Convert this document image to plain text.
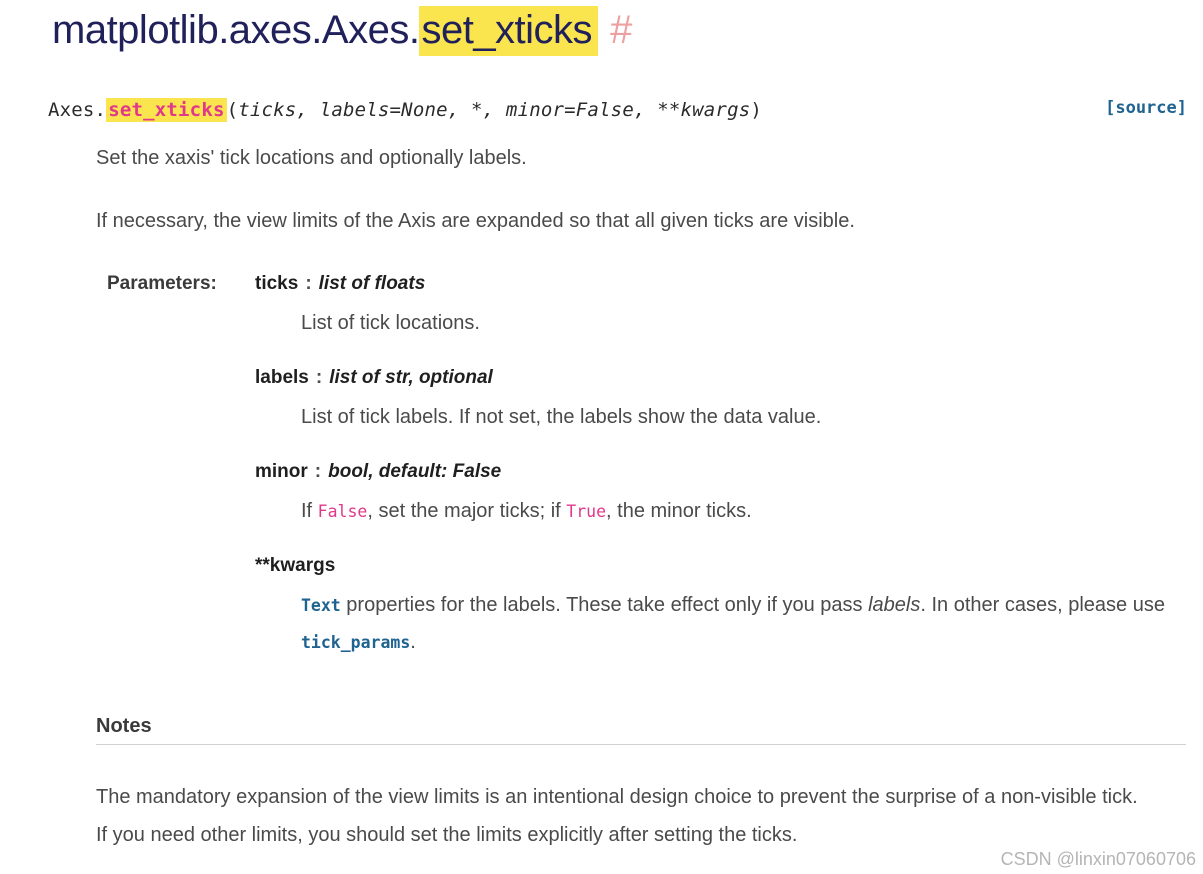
matplotlib.axes.Axes.set_xticks #
Axes. set_xticks (ticks, labels=None, *, minor=False, **kwargs)	[source]

Set the xaxis' tick locations and optionally labels.

If necessary, the view limits of the Axis are expanded so that all given ticks are visible.

Parameters:	ticks : list of floats
List of tick locations.
labels : list of str, optional
List of tick labels. If not set, the labels show the data value.
minor : bool, default: False
If False, set the major ticks; if True, the minor ticks.
**kwargs
Text properties for the labels. These take effect only if you pass labels. In other cases, please use tick_params.

Notes

The mandatory expansion of the view limits is an intentional design choice to prevent the surprise of a non-visible tick. If you need other limits, you should set the limits explicitly after setting the ticks.

CSDN @linxin07060706
